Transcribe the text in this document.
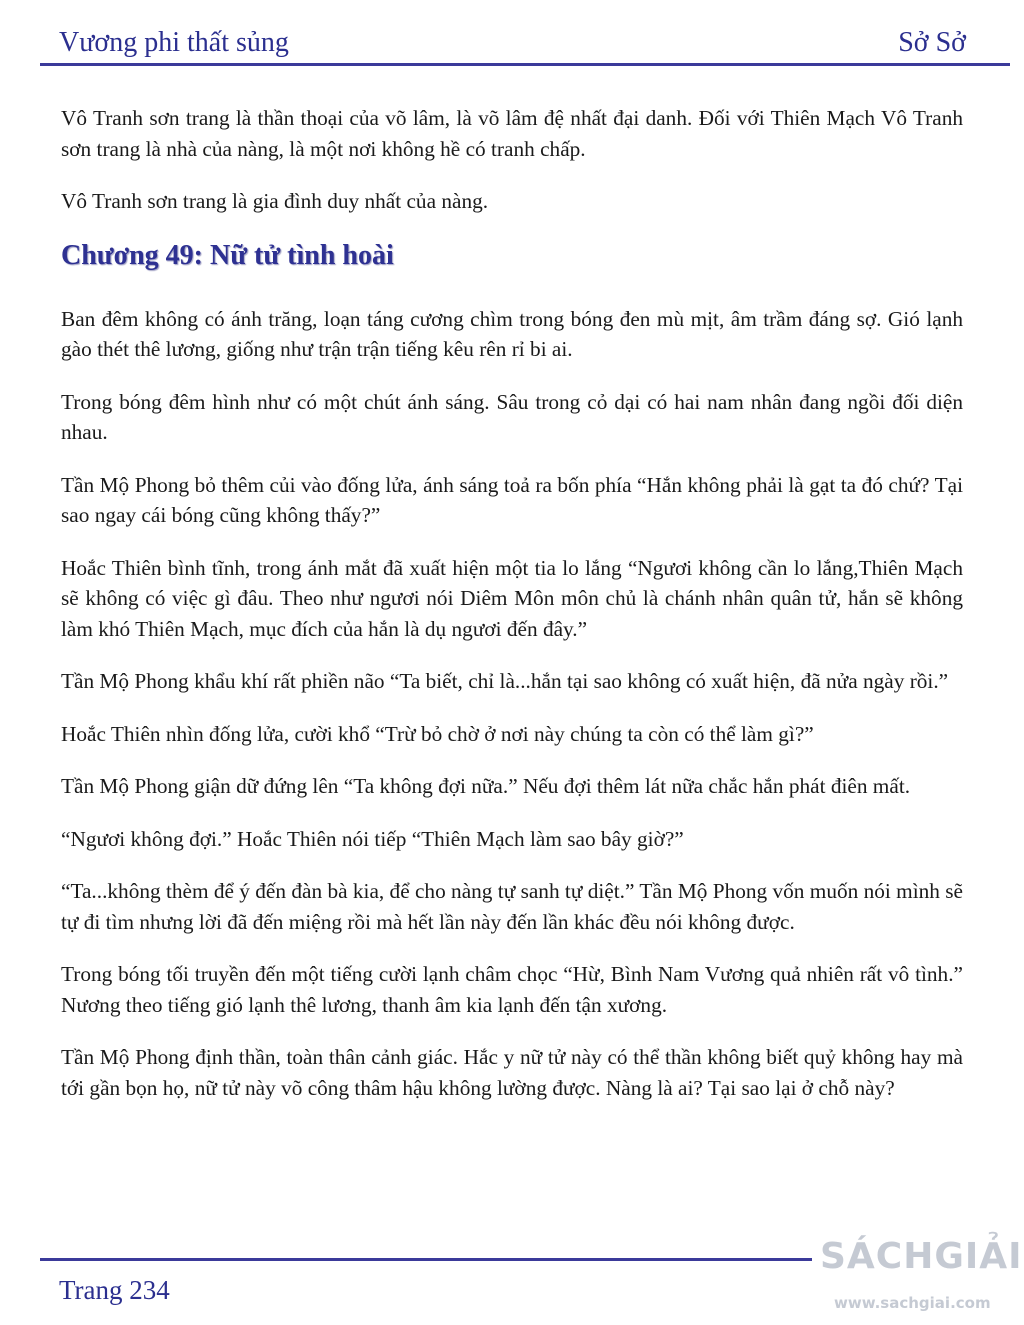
Vương phi thất sủng	Sở Sở

Vô Tranh sơn trang là thần thoại của võ lâm, là võ lâm đệ nhất đại danh. Đối với Thiên Mạch Vô Tranh sơn trang là nhà của nàng, là một nơi không hề có tranh chấp.

Vô Tranh sơn trang là gia đình duy nhất của nàng.

Chương 49: Nữ tử tình hoài

Ban đêm không có ánh trăng, loạn táng cương chìm trong bóng đen mù mịt, âm trầm đáng sợ. Gió lạnh gào thét thê lương, giống như trận trận tiếng kêu rên rỉ bi ai.

Trong bóng đêm hình như có một chút ánh sáng. Sâu trong cỏ dại có hai nam nhân đang ngồi đối diện nhau.

Tần Mộ Phong bỏ thêm củi vào đống lửa, ánh sáng toả ra bốn phía “Hắn không phải là gạt ta đó chứ? Tại sao ngay cái bóng cũng không thấy?”

Hoắc Thiên bình tĩnh, trong ánh mắt đã xuất hiện một tia lo lắng “Ngươi không cần lo lắng,Thiên Mạch sẽ không có việc gì đâu. Theo như ngươi nói Diêm Môn môn chủ là chánh nhân quân tử, hắn sẽ không làm khó Thiên Mạch, mục đích của hắn là dụ ngươi đến đây.”

Tần Mộ Phong khẩu khí rất phiền não “Ta biết, chỉ là...hắn tại sao không có xuất hiện, đã nửa ngày rồi.”

Hoắc Thiên nhìn đống lửa, cười khổ “Trừ bỏ chờ ở nơi này chúng ta còn có thể làm gì?”

Tần Mộ Phong giận dữ đứng lên “Ta không đợi nữa.” Nếu đợi thêm lát nữa chắc hắn phát điên mất.

“Ngươi không đợi.” Hoắc Thiên nói tiếp “Thiên Mạch làm sao bây giờ?”

“Ta...không thèm để ý đến đàn bà kia, để cho nàng tự sanh tự diệt.” Tần Mộ Phong vốn muốn nói mình sẽ tự đi tìm nhưng lời đã đến miệng rồi mà hết lần này đến lần khác đều nói không được.

Trong bóng tối truyền đến một tiếng cười lạnh châm chọc “Hừ, Bình Nam Vương quả nhiên rất vô tình.” Nương theo tiếng gió lạnh thê lương, thanh âm kia lạnh đến tận xương.

Tần Mộ Phong định thần, toàn thân cảnh giác. Hắc y nữ tử này có thể thần không biết quỷ không hay mà tới gần bọn họ, nữ tử này võ công thâm hậu không lường được. Nàng là ai? Tại sao lại ở chỗ này?

Trang 234
SÁCHGIẢI
www.sachgiai.com
